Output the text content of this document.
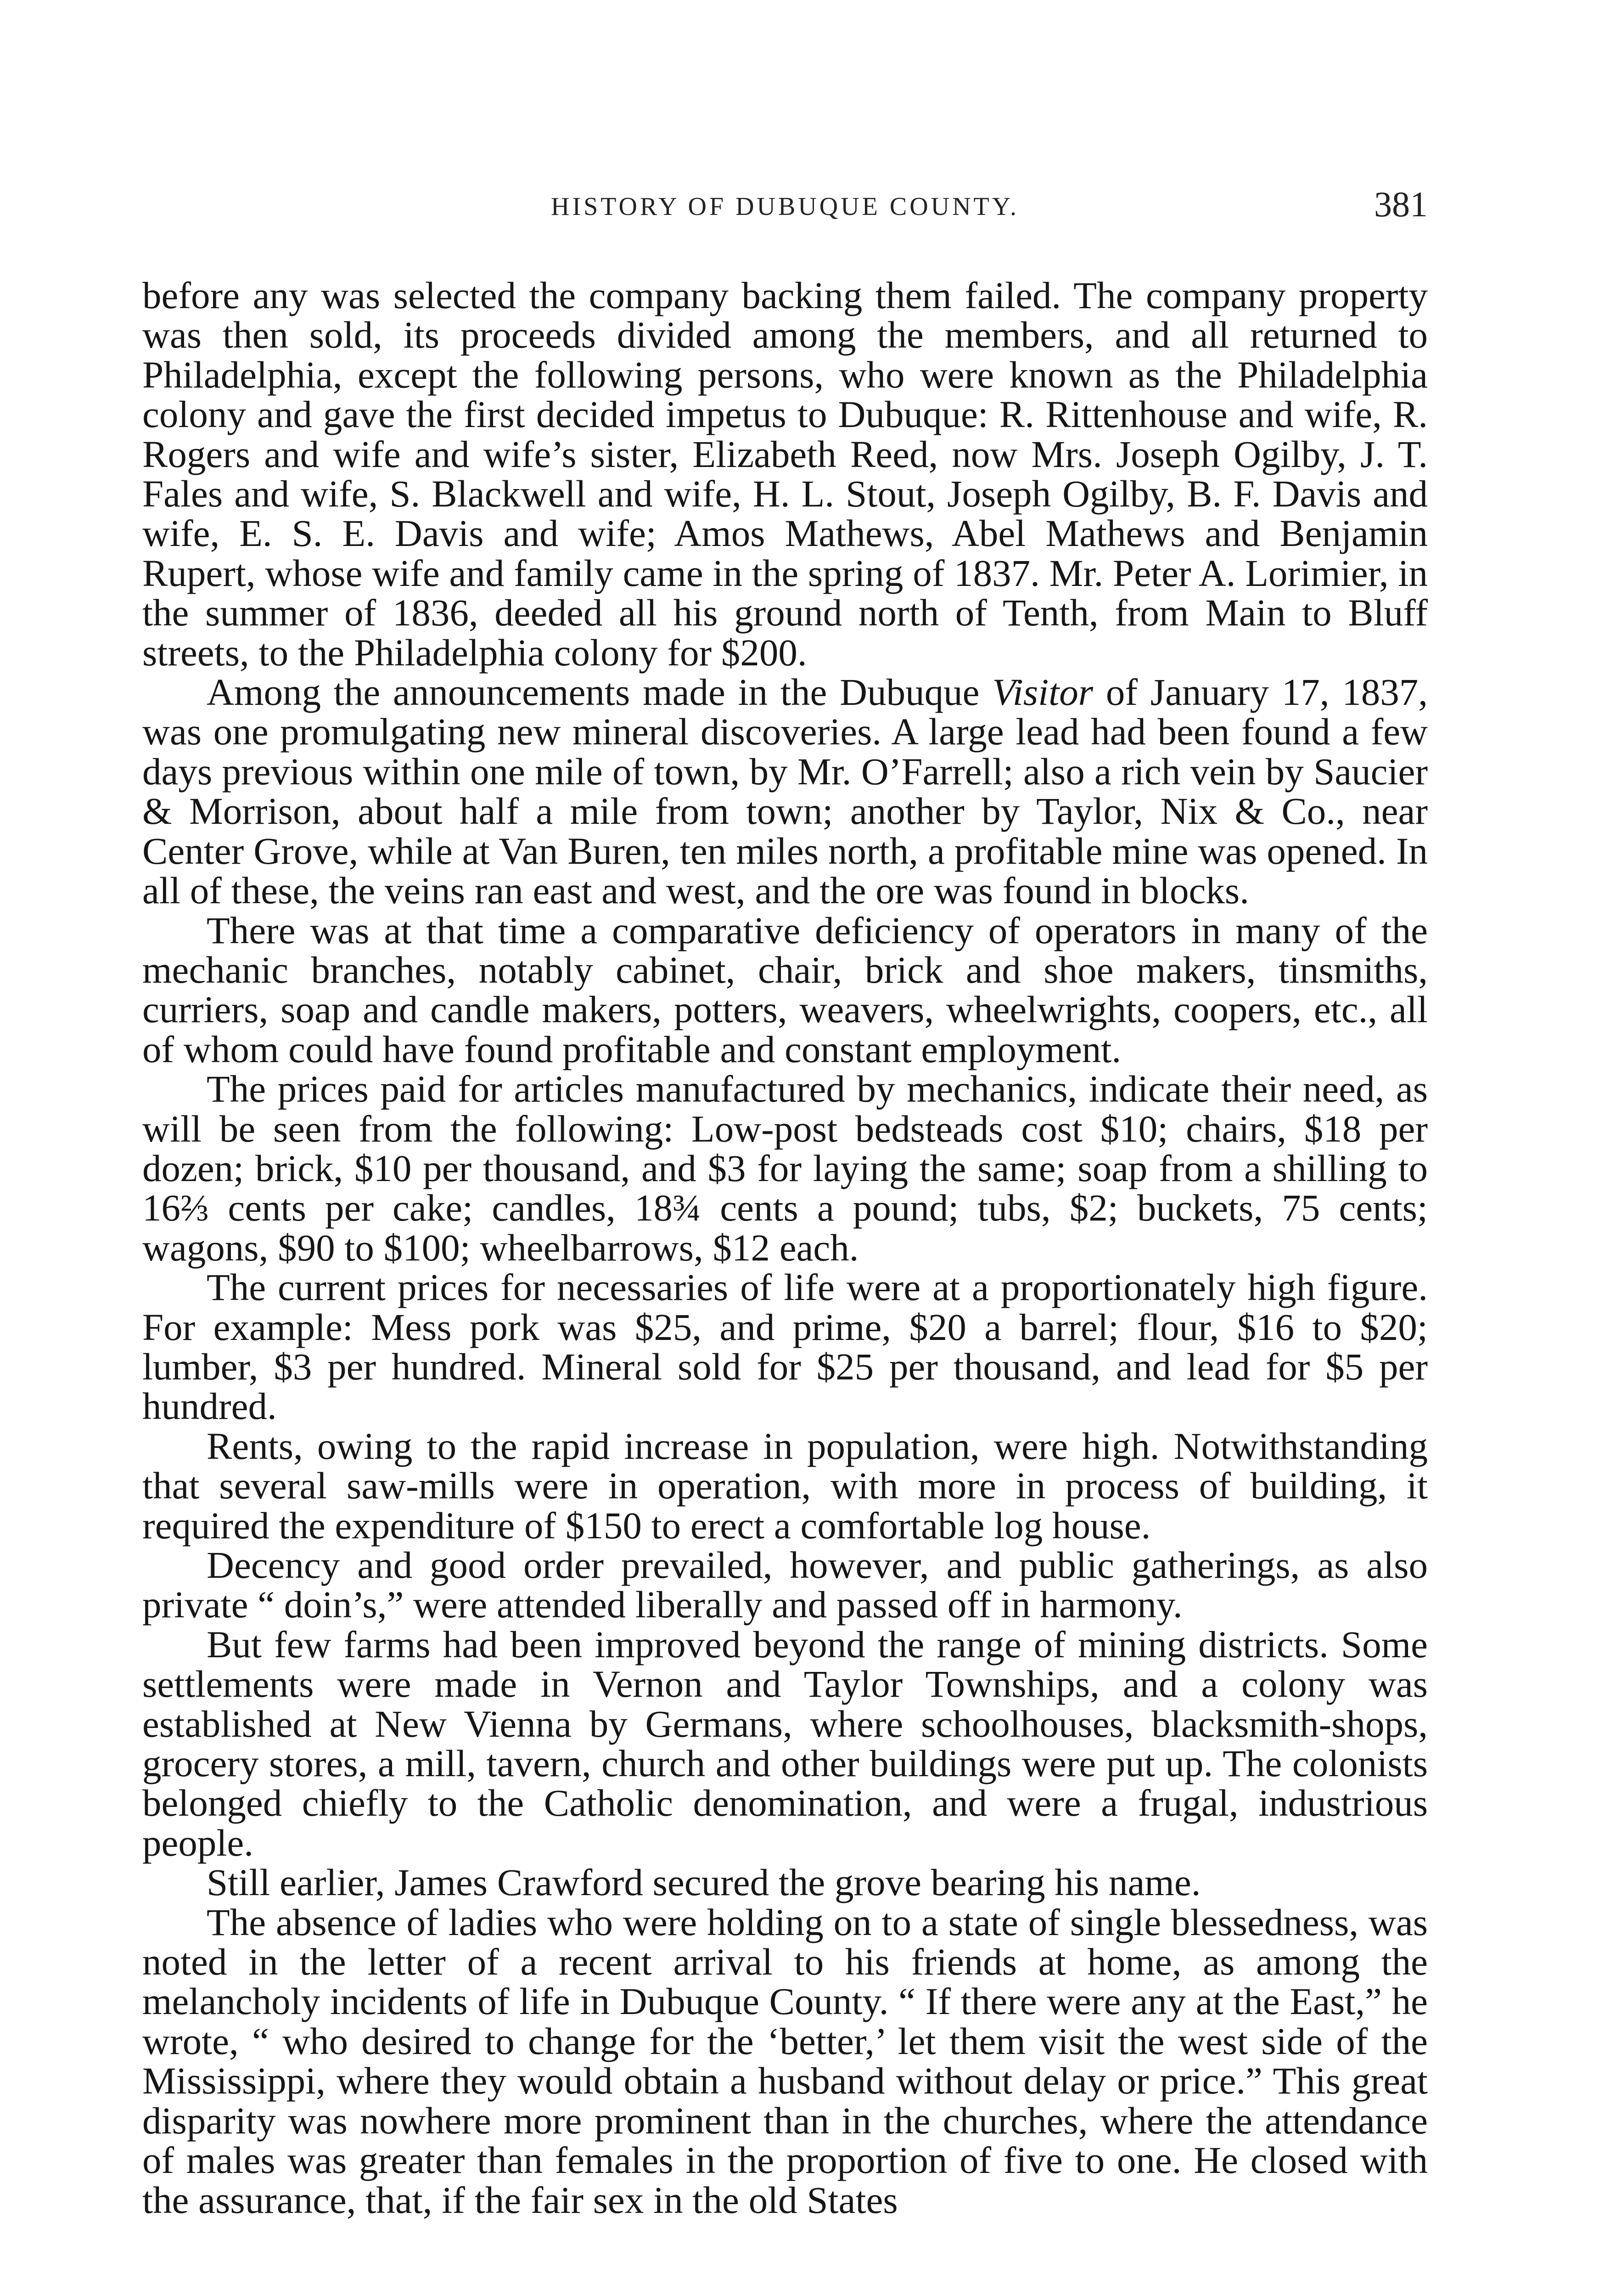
HISTORY OF DUBUQUE COUNTY.	381

before any was selected the company backing them failed. The company property was then sold, its proceeds divided among the members, and all returned to Philadelphia, except the following persons, who were known as the Philadelphia colony and gave the first decided impetus to Dubuque: R. Rittenhouse and wife, R. Rogers and wife and wife’s sister, Elizabeth Reed, now Mrs. Joseph Ogilby, J. T. Fales and wife, S. Blackwell and wife, H. L. Stout, Joseph Ogilby, B. F. Davis and wife, E. S. E. Davis and wife; Amos Mathews, Abel Mathews and Benjamin Rupert, whose wife and family came in the spring of 1837. Mr. Peter A. Lorimier, in the summer of 1836, deeded all his ground north of Tenth, from Main to Bluff streets, to the Philadelphia colony for $200.

Among the announcements made in the Dubuque Visitor of January 17, 1837, was one promulgating new mineral discoveries. A large lead had been found a few days previous within one mile of town, by Mr. O’Farrell; also a rich vein by Saucier & Morrison, about half a mile from town; another by Taylor, Nix & Co., near Center Grove, while at Van Buren, ten miles north, a profitable mine was opened. In all of these, the veins ran east and west, and the ore was found in blocks.

There was at that time a comparative deficiency of operators in many of the mechanic branches, notably cabinet, chair, brick and shoe makers, tinsmiths, curriers, soap and candle makers, potters, weavers, wheelwrights, coopers, etc., all of whom could have found profitable and constant employment.

The prices paid for articles manufactured by mechanics, indicate their need, as will be seen from the following: Low-post bedsteads cost $10; chairs, $18 per dozen; brick, $10 per thousand, and $3 for laying the same; soap from a shilling to 16⅔ cents per cake; candles, 18¾ cents a pound; tubs, $2; buckets, 75 cents; wagons, $90 to $100; wheelbarrows, $12 each.

The current prices for necessaries of life were at a proportionately high figure. For example: Mess pork was $25, and prime, $20 a barrel; flour, $16 to $20; lumber, $3 per hundred. Mineral sold for $25 per thousand, and lead for $5 per hundred.

Rents, owing to the rapid increase in population, were high. Notwithstanding that several saw-mills were in operation, with more in process of building, it required the expenditure of $150 to erect a comfortable log house.

Decency and good order prevailed, however, and public gatherings, as also private “ doin’s,” were attended liberally and passed off in harmony.

But few farms had been improved beyond the range of mining districts. Some settlements were made in Vernon and Taylor Townships, and a colony was established at New Vienna by Germans, where schoolhouses, blacksmith-shops, grocery stores, a mill, tavern, church and other buildings were put up. The colonists belonged chiefly to the Catholic denomination, and were a frugal, industrious people.

Still earlier, James Crawford secured the grove bearing his name.

The absence of ladies who were holding on to a state of single blessedness, was noted in the letter of a recent arrival to his friends at home, as among the melancholy incidents of life in Dubuque County. “ If there were any at the East,” he wrote, “ who desired to change for the ‘better,’ let them visit the west side of the Mississippi, where they would obtain a husband without delay or price.” This great disparity was nowhere more prominent than in the churches, where the attendance of males was greater than females in the proportion of five to one. He closed with the assurance, that, if the fair sex in the old States
